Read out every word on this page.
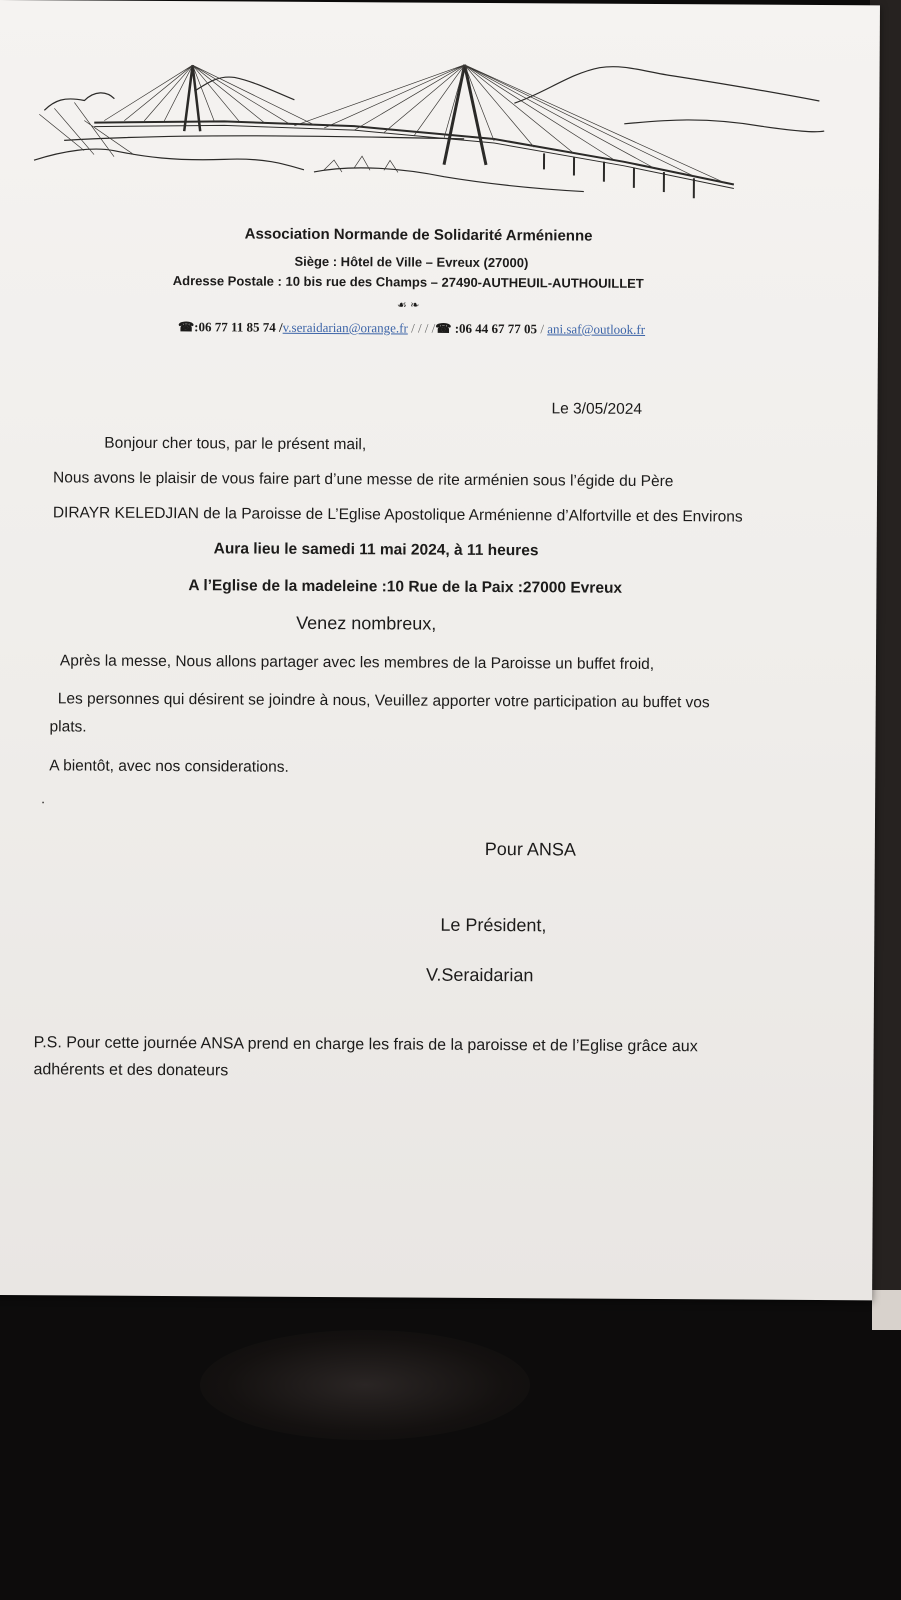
Association Normande de Solidarité Arménienne
Siège : Hôtel de Ville – Evreux (27000)
Adresse Postale : 10 bis rue des Champs – 27490-AUTHEUIL-AUTHOUILLET
☙ ❧
☎:06 77 11 85 74 /v.seraidarian@orange.fr / / / /☎ :06 44 67 77 05 / ani.saf@outlook.fr
Le 3/05/2024
Bonjour cher tous, par le présent mail,
Nous avons le plaisir de vous faire part d’une messe de rite arménien sous l’égide du Père
DIRAYR KELEDJIAN de la Paroisse de L’Eglise Apostolique Arménienne d’Alfortville et des Environs
Aura lieu le samedi 11 mai 2024, à 11 heures
A l’Eglise de la madeleine :10 Rue de la Paix :27000 Evreux
Venez nombreux,
Après la messe, Nous allons partager avec les membres de la Paroisse un buffet froid,
Les personnes qui désirent se joindre à nous, Veuillez apporter votre participation au buffet vos
plats.
A bientôt, avec nos considerations.
.
Pour ANSA
Le Président,
V.Seraidarian
P.S. Pour cette journée ANSA prend en charge les frais de la paroisse et de l’Eglise grâce aux
adhérents et des donateurs
